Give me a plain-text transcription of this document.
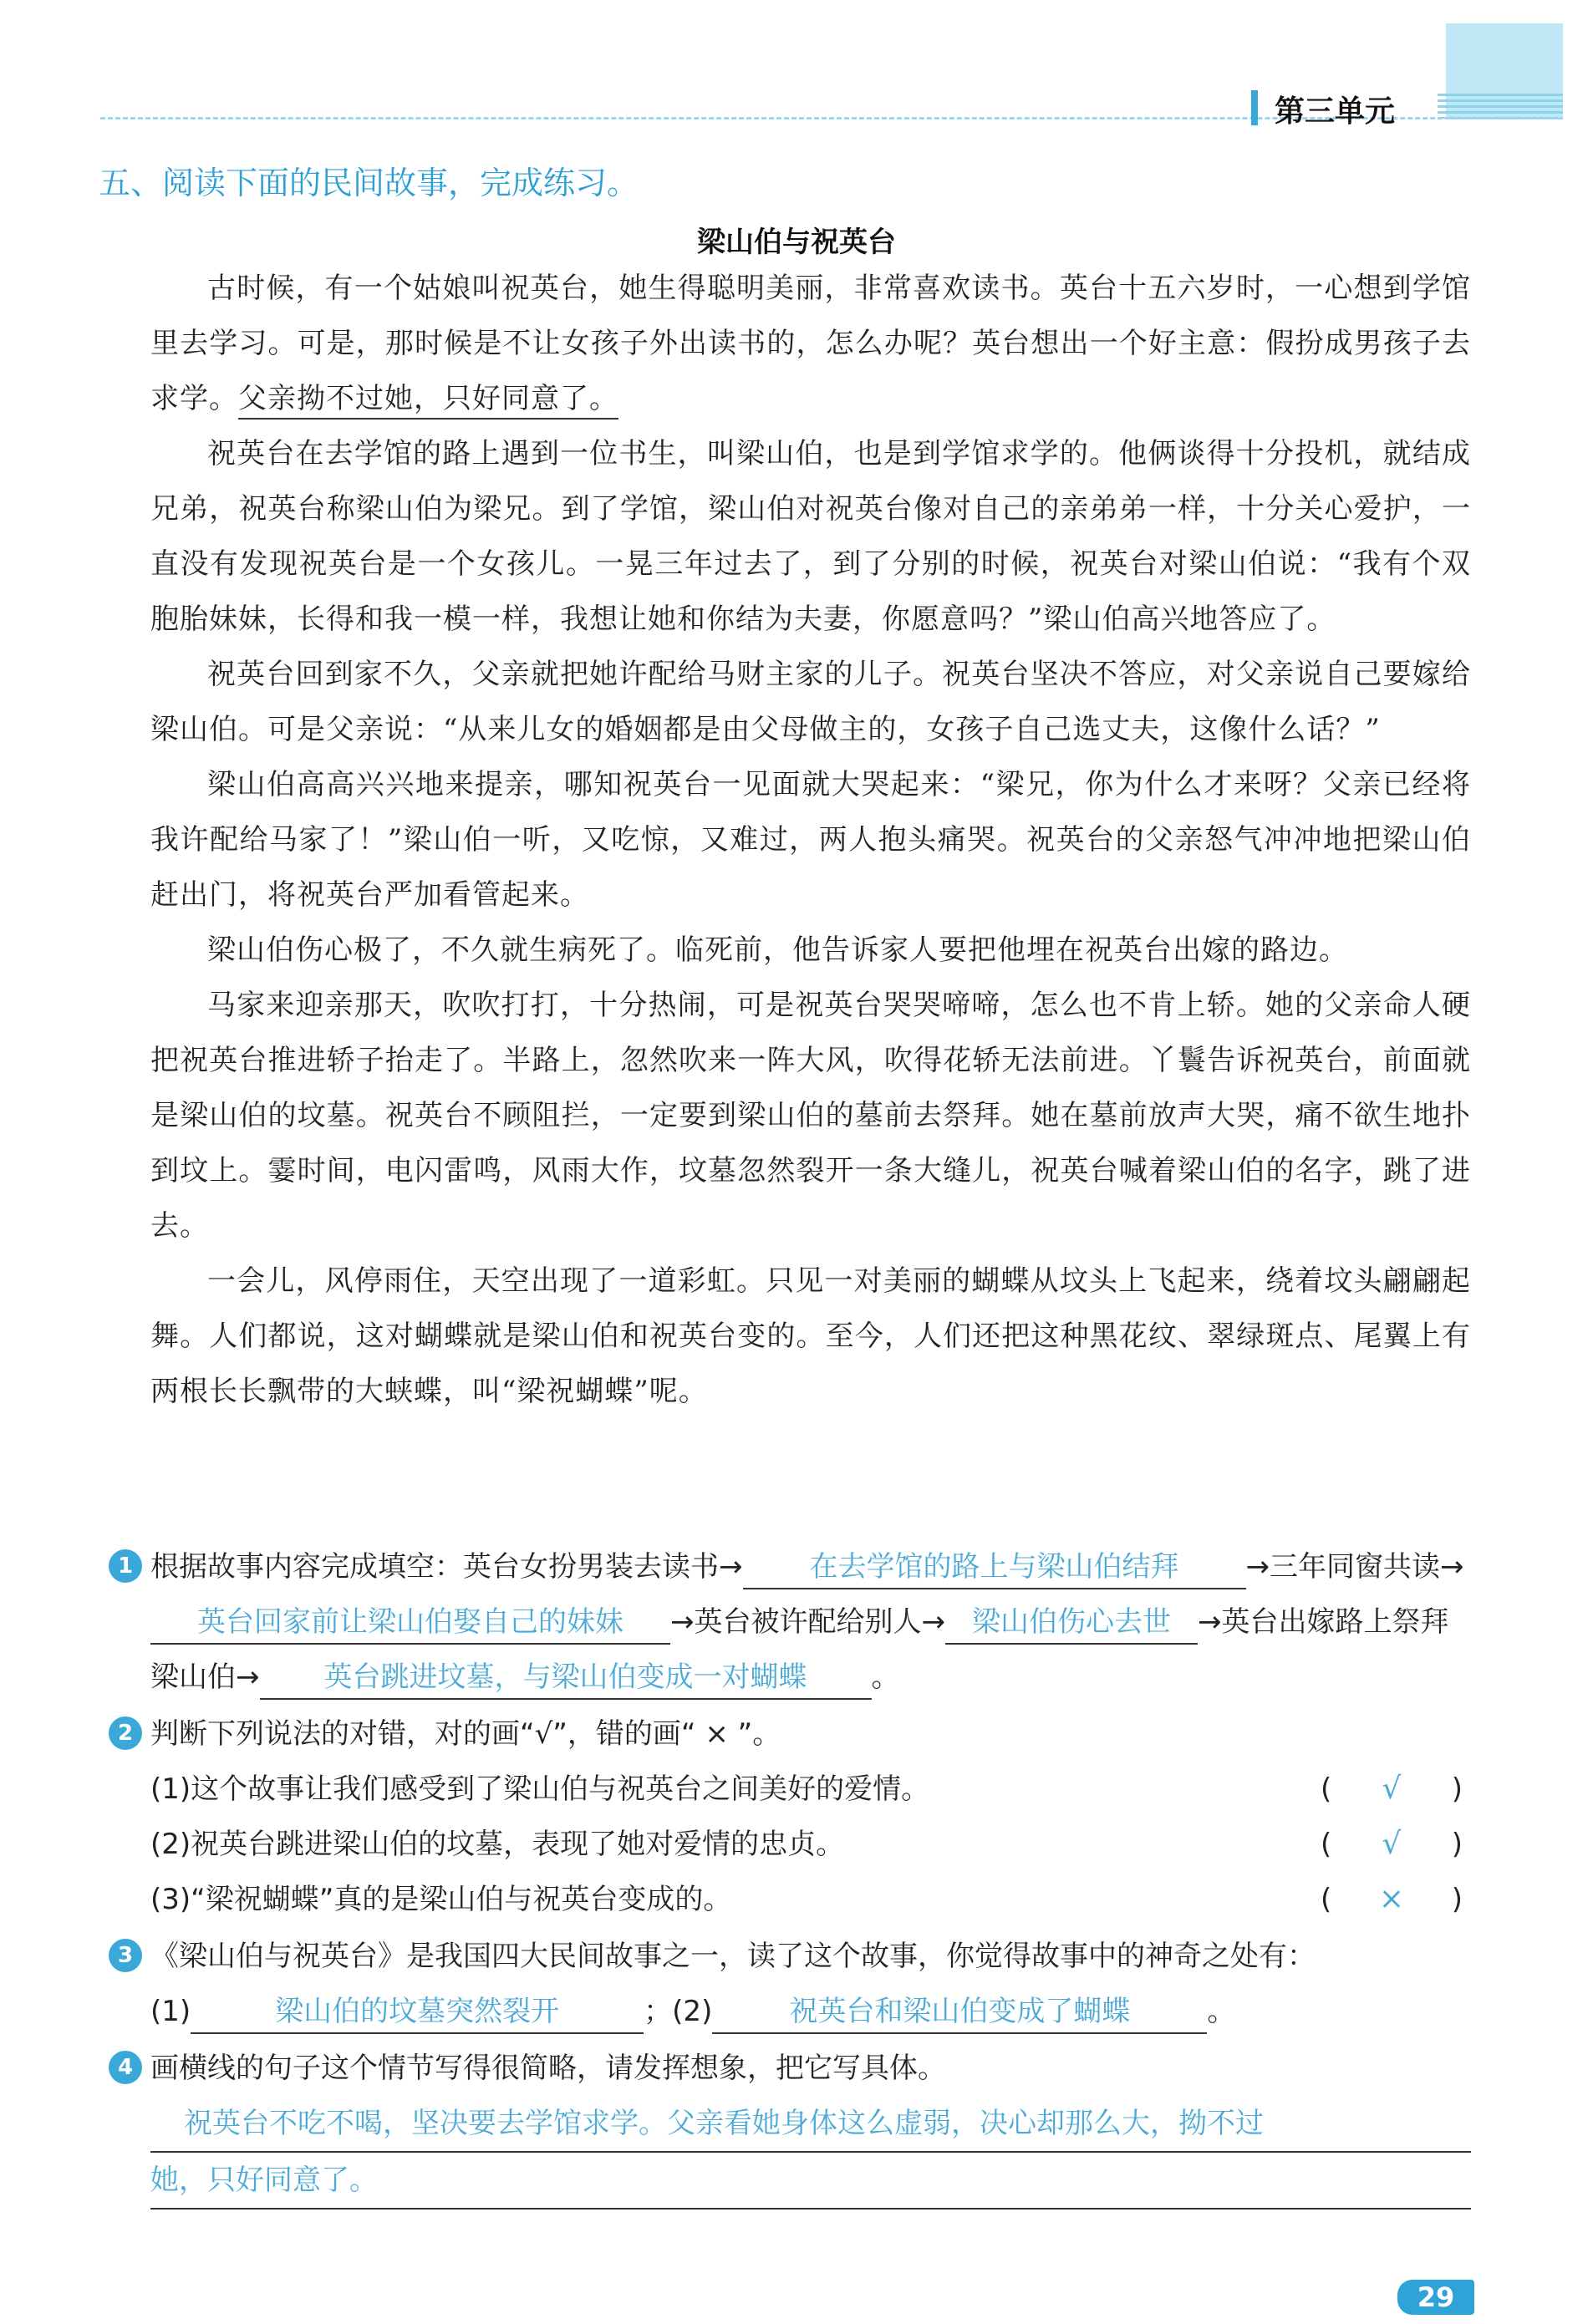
第三单元
五、阅读下面的民间故事，完成练习。
梁山伯与祝英台

古时候，有一个姑娘叫祝英台，她生得聪明美丽，非常喜欢读书。英台十五六岁时，一心想到学馆里去学习。可是，那时候是不让女孩子外出读书的，怎么办呢？英台想出一个好主意：假扮成男孩子去求学。父亲拗不过她，只好同意了。

祝英台在去学馆的路上遇到一位书生，叫梁山伯，也是到学馆求学的。他俩谈得十分投机，就结成兄弟，祝英台称梁山伯为梁兄。到了学馆，梁山伯对祝英台像对自己的亲弟弟一样，十分关心爱护，一直没有发现祝英台是一个女孩儿。一晃三年过去了，到了分别的时候，祝英台对梁山伯说：“我有个双胞胎妹妹，长得和我一模一样，我想让她和你结为夫妻，你愿意吗？”梁山伯高兴地答应了。

祝英台回到家不久，父亲就把她许配给马财主家的儿子。祝英台坚决不答应，对父亲说自己要嫁给梁山伯。可是父亲说：“从来儿女的婚姻都是由父母做主的，女孩子自己选丈夫，这像什么话？”

梁山伯高高兴兴地来提亲，哪知祝英台一见面就大哭起来：“梁兄，你为什么才来呀？父亲已经将我许配给马家了！”梁山伯一听，又吃惊，又难过，两人抱头痛哭。祝英台的父亲怒气冲冲地把梁山伯赶出门，将祝英台严加看管起来。

梁山伯伤心极了，不久就生病死了。临死前，他告诉家人要把他埋在祝英台出嫁的路边。

马家来迎亲那天，吹吹打打，十分热闹，可是祝英台哭哭啼啼，怎么也不肯上轿。她的父亲命人硬把祝英台推进轿子抬走了。半路上，忽然吹来一阵大风，吹得花轿无法前进。丫鬟告诉祝英台，前面就是梁山伯的坟墓。祝英台不顾阻拦，一定要到梁山伯的墓前去祭拜。她在墓前放声大哭，痛不欲生地扑到坟上。霎时间，电闪雷鸣，风雨大作，坟墓忽然裂开一条大缝儿，祝英台喊着梁山伯的名字，跳了进去。

一会儿，风停雨住，天空出现了一道彩虹。只见一对美丽的蝴蝶从坟头上飞起来，绕着坟头翩翩起舞。人们都说，这对蝴蝶就是梁山伯和祝英台变的。至今，人们还把这种黑花纹、翠绿斑点、尾翼上有两根长长飘带的大蛱蝶，叫“梁祝蝴蝶”呢。

1 根据故事内容完成填空：英台女扮男装去读书→ 在去学馆的路上与梁山伯结拜 →三年同窗共读→英台回家前让梁山伯娶自己的妹妹 →英台被许配给别人→ 梁山伯伤心去世 →英台出嫁路上祭拜梁山伯→ 英台跳进坟墓，与梁山伯变成一对蝴蝶 。
2 判断下列说法的对错，对的画“√”，错的画“ × ”。
(1)这个故事让我们感受到了梁山伯与祝英台之间美好的爱情。	( √ )
(2)祝英台跳进梁山伯的坟墓，表现了她对爱情的忠贞。	( √ )
(3)“梁祝蝴蝶”真的是梁山伯与祝英台变成的。	( × )
3 《梁山伯与祝英台》是我国四大民间故事之一，读了这个故事，你觉得故事中的神奇之处有：
(1)	梁山伯的坟墓突然裂开	；(2)	祝英台和梁山伯变成了蝴蝶	。
4 画横线的句子这个情节写得很简略，请发挥想象，把它写具体。
祝英台不吃不喝，坚决要去学馆求学。父亲看她身体这么虚弱，决心却那么大，拗不过
她，只好同意了。
29
